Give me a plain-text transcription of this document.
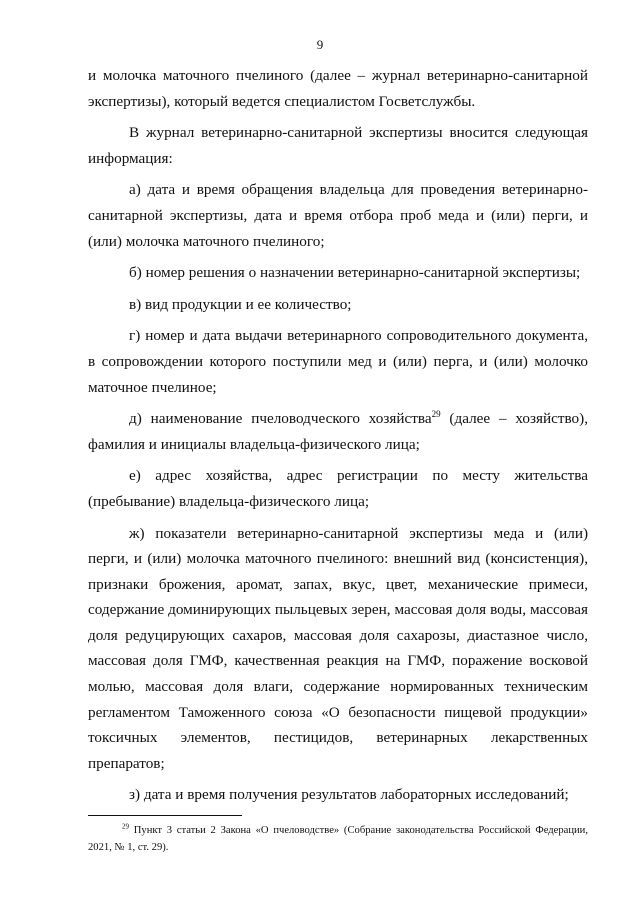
9

и молочка маточного пчелиного (далее – журнал ветеринарно-санитарной экспертизы), который ведется специалистом Госветслужбы.

В журнал ветеринарно-санитарной экспертизы вносится следующая информация:

а) дата и время обращения владельца для проведения ветеринарно-санитарной экспертизы, дата и время отбора проб меда и (или) перги, и (или) молочка маточного пчелиного;

б) номер решения о назначении ветеринарно-санитарной экспертизы;

в) вид продукции и ее количество;

г) номер и дата выдачи ветеринарного сопроводительного документа, в сопровождении которого поступили мед и (или) перга, и (или) молочко маточное пчелиное;

д) наименование пчеловодческого хозяйства$^{29}$ (далее – хозяйство), фамилия и инициалы владельца-физического лица;

е) адрес хозяйства, адрес регистрации по месту жительства (пребывание) владельца-физического лица;

ж) показатели ветеринарно-санитарной экспертизы меда и (или) перги, и (или) молочка маточного пчелиного: внешний вид (консистенция), признаки брожения, аромат, запах, вкус, цвет, механические примеси, содержание доминирующих пыльцевых зерен, массовая доля воды, массовая доля редуцирующих сахаров, массовая доля сахарозы, диастазное число, массовая доля ГМФ, качественная реакция на ГМФ, поражение восковой молью, массовая доля влаги, содержание нормированных техническим регламентом Таможенного союза «О безопасности пищевой продукции» токсичных элементов, пестицидов, ветеринарных лекарственных препаратов;

з) дата и время получения результатов лабораторных исследований;

$^{29}$ Пункт 3 статьи 2 Закона «О пчеловодстве» (Собрание законодательства Российской Федерации, 2021, № 1, ст. 29).
